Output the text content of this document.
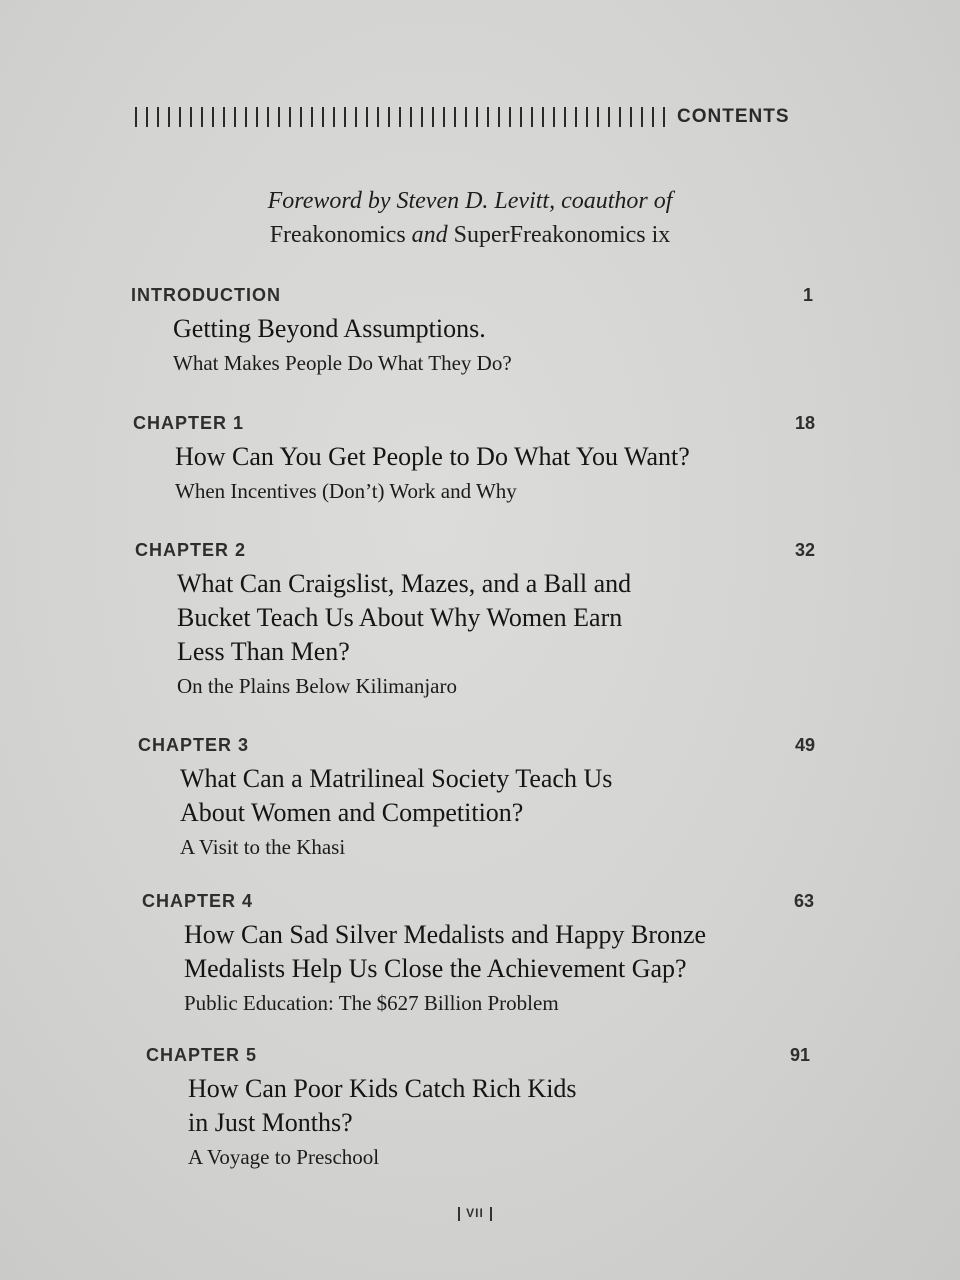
CONTENTS
Foreword by Steven D. Levitt, coauthor of
Freakonomics and SuperFreakonomics ix
INTRODUCTION	1
Getting Beyond Assumptions.
What Makes People Do What They Do?
CHAPTER 1	18
How Can You Get People to Do What You Want?
When Incentives (Don’t) Work and Why
CHAPTER 2	32
What Can Craigslist, Mazes, and a Ball and
Bucket Teach Us About Why Women Earn
Less Than Men?
On the Plains Below Kilimanjaro
CHAPTER 3	49
What Can a Matrilineal Society Teach Us
About Women and Competition?
A Visit to the Khasi
CHAPTER 4	63
How Can Sad Silver Medalists and Happy Bronze
Medalists Help Us Close the Achievement Gap?
Public Education: The $627 Billion Problem
CHAPTER 5	91
How Can Poor Kids Catch Rich Kids
in Just Months?
A Voyage to Preschool
VII
